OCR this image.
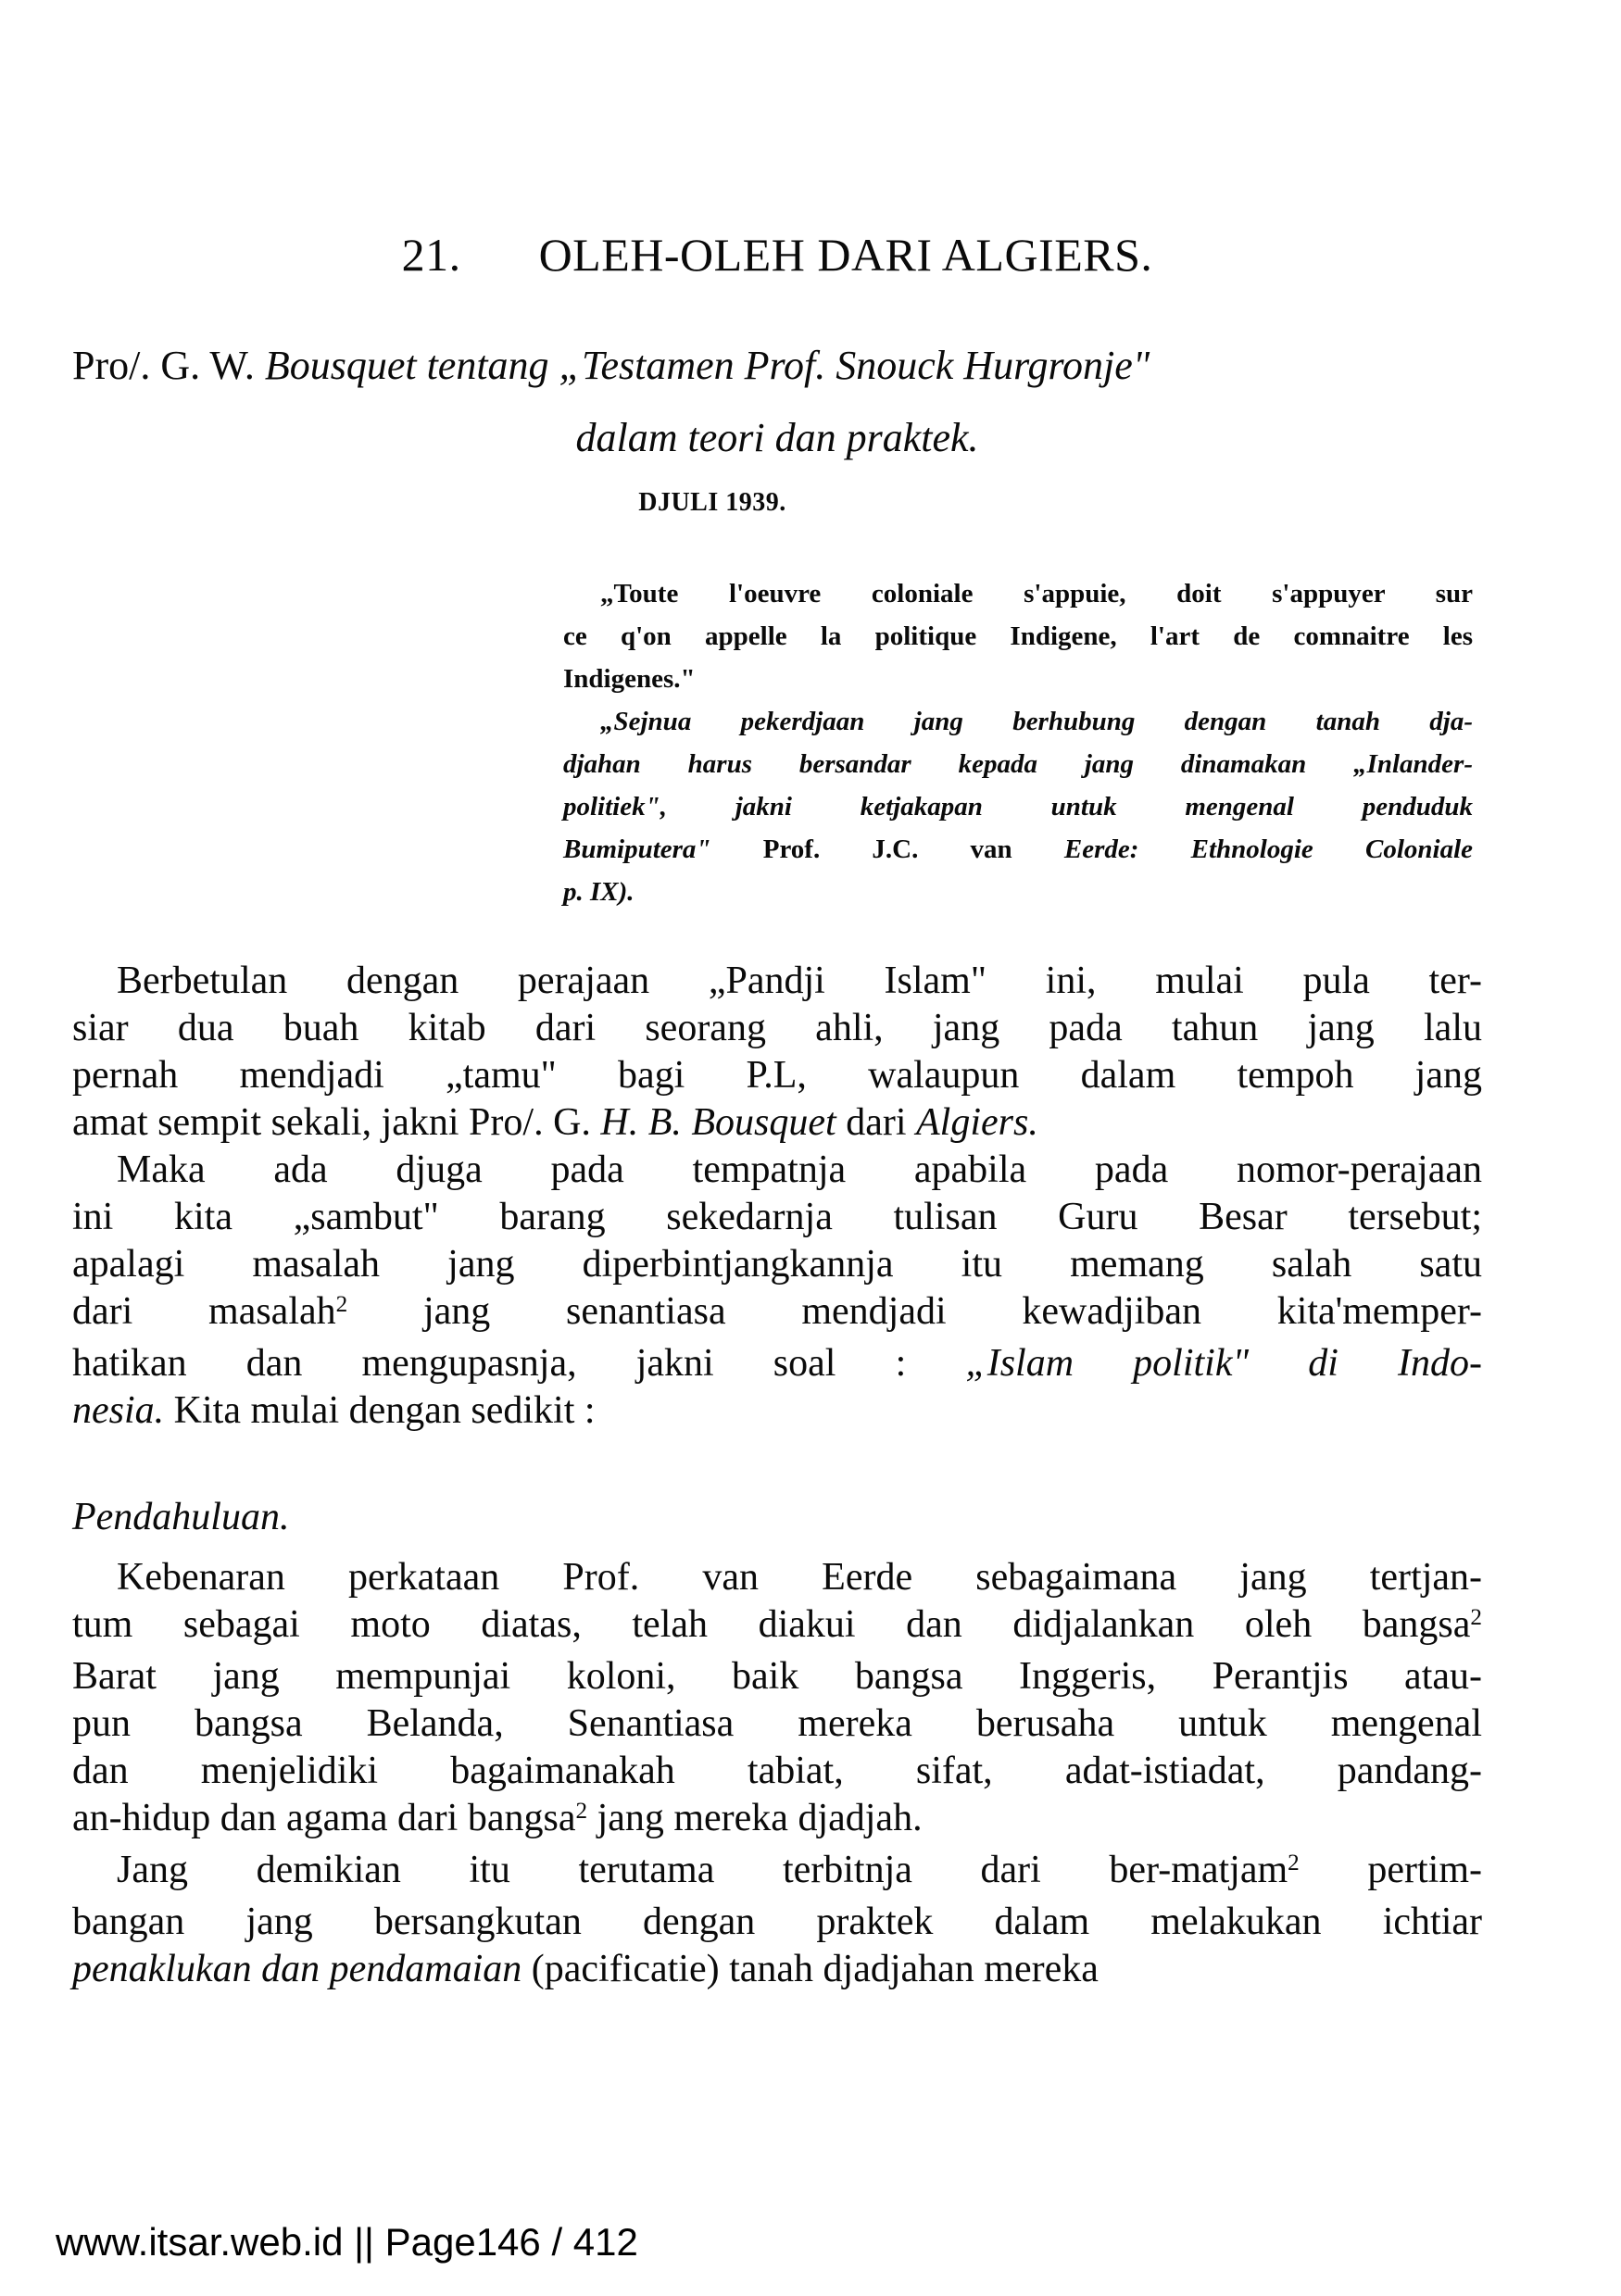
21. OLEH-OLEH DARI ALGIERS.
Pro/. G. W. Bousquet tentang „Testamen Prof. Snouck Hurgronje"
dalam teori dan praktek.
DJULI 1939.
„Toute l'oeuvre coloniale s'appuie, doit s'appuyer sur
ce q'on appelle la politique Indigene, l'art de comnaitre les
Indigenes."
„Sejnua pekerdjaan jang berhubung dengan tanah dja-
djahan harus bersandar kepada jang dinamakan „Inlander-
politiek", jakni ketjakapan untuk mengenal penduduk
Bumiputera" Prof. J.C. van Eerde: Ethnologie Coloniale
p. IX).
Berbetulan dengan perajaan „Pandji Islam" ini, mulai pula ter-
siar dua buah kitab dari seorang ahli, jang pada tahun jang lalu
pernah mendjadi „tamu" bagi P.L, walaupun dalam tempoh jang
amat sempit sekali, jakni Pro/. G. H. B. Bousquet dari Algiers.
Maka ada djuga pada tempatnja apabila pada nomor-perajaan
ini kita „sambut" barang sekedarnja tulisan Guru Besar tersebut;
apalagi masalah jang diperbintjangkannja itu memang salah satu
dari masalah$^2$ jang senantiasa mendjadi kewadjiban kita'memper-
hatikan dan mengupasnja, jakni soal : „Islam politik" di Indo-
nesia. Kita mulai dengan sedikit :
Pendahuluan.
Kebenaran perkataan Prof. van Eerde sebagaimana jang tertjan-
tum sebagai moto diatas, telah diakui dan didjalankan oleh bangsa$^2$
Barat jang mempunjai koloni, baik bangsa Inggeris, Perantjis atau-
pun bangsa Belanda, Senantiasa mereka berusaha untuk mengenal
dan menjelidiki bagaimanakah tabiat, sifat, adat-istiadat, pandang-
an-hidup dan agama dari bangsa$^2$ jang mereka djadjah.
Jang demikian itu terutama terbitnja dari ber-matjam$^2$ pertim-
bangan jang bersangkutan dengan praktek dalam melakukan ichtiar
penaklukan dan pendamaian (pacificatie) tanah djadjahan mereka
www.itsar.web.id || Page146 / 412
